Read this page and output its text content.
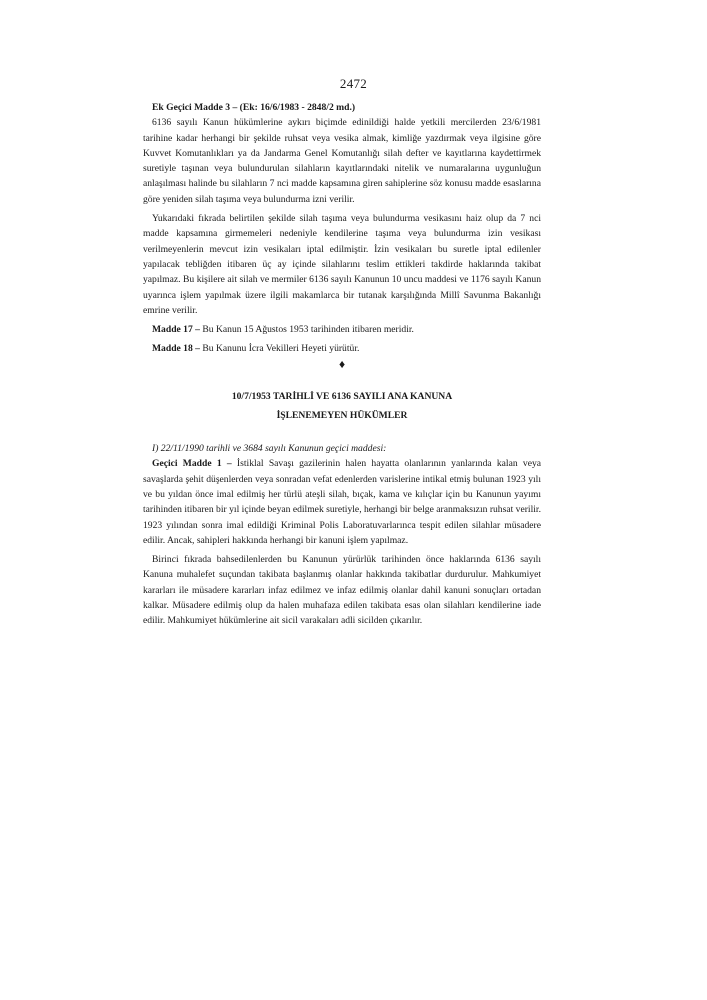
2472

Ek Geçici Madde 3 – (Ek: 16/6/1983 - 2848/2 md.)

6136 sayılı Kanun hükümlerine aykırı biçimde edinildiği halde yetkili mercilerden 23/6/1981 tarihine kadar herhangi bir şekilde ruhsat veya vesika almak, kimliğe yazdırmak veya ilgisine göre Kuvvet Komutanlıkları ya da Jandarma Genel Komutanlığı silah defter ve kayıtlarına kaydettirmek suretiyle taşınan veya bulundurulan silahların kayıtlarındaki nitelik ve numaralarına uygunluğun anlaşılması halinde bu silahların 7 nci madde kapsamına giren sahiplerine söz konusu madde esaslarına göre yeniden silah taşıma veya bulundurma izni verilir.

Yukarıdaki fıkrada belirtilen şekilde silah taşıma veya bulundurma vesikasını haiz olup da 7 nci madde kapsamına girmemeleri nedeniyle kendilerine taşıma veya bulundurma izin vesikası verilmeyenlerin mevcut izin vesikaları iptal edilmiştir. İzin vesikaları bu suretle iptal edilenler yapılacak tebliğden itibaren üç ay içinde silahlarını teslim ettikleri takdirde haklarında takibat yapılmaz. Bu kişilere ait silah ve mermiler 6136 sayılı Kanunun 10 uncu maddesi ve 1176 sayılı Kanun uyarınca işlem yapılmak üzere ilgili makamlarca bir tutanak karşılığında Millî Savunma Bakanlığı emrine verilir.

Madde 17 – Bu Kanun 15 Ağustos 1953 tarihinden itibaren meridir.

Madde 18 – Bu Kanunu İcra Vekilleri Heyeti yürütür.

♦

10/7/1953 TARİHLİ VE 6136 SAYILI ANA KANUNA
İŞLENEMEYEN HÜKÜMLER

I) 22/11/1990 tarihli ve 3684 sayılı Kanunun geçici maddesi:

Geçici Madde 1 – İstiklal Savaşı gazilerinin halen hayatta olanlarının yanlarında kalan veya savaşlarda şehit düşenlerden veya sonradan vefat edenlerden varislerine intikal etmiş bulunan 1923 yılı ve bu yıldan önce imal edilmiş her türlü ateşli silah, bıçak, kama ve kılıçlar için bu Kanunun yayımı tarihinden itibaren bir yıl içinde beyan edilmek suretiyle, herhangi bir belge aranmaksızın ruhsat verilir. 1923 yılından sonra imal edildiği Kriminal Polis Laboratuvarlarınca tespit edilen silahlar müsadere edilir. Ancak, sahipleri hakkında herhangi bir kanuni işlem yapılmaz.

Birinci fıkrada bahsedilenlerden bu Kanunun yürürlük tarihinden önce haklarında 6136 sayılı Kanuna muhalefet suçundan takibata başlanmış olanlar hakkında takibatlar durdurulur. Mahkumiyet kararları ile müsadere kararları infaz edilmez ve infaz edilmiş olanlar dahil kanuni sonuçları ortadan kalkar. Müsadere edilmiş olup da halen muhafaza edilen takibata esas olan silahları kendilerine iade edilir. Mahkumiyet hükümlerine ait sicil varakaları adli sicilden çıkarılır.
